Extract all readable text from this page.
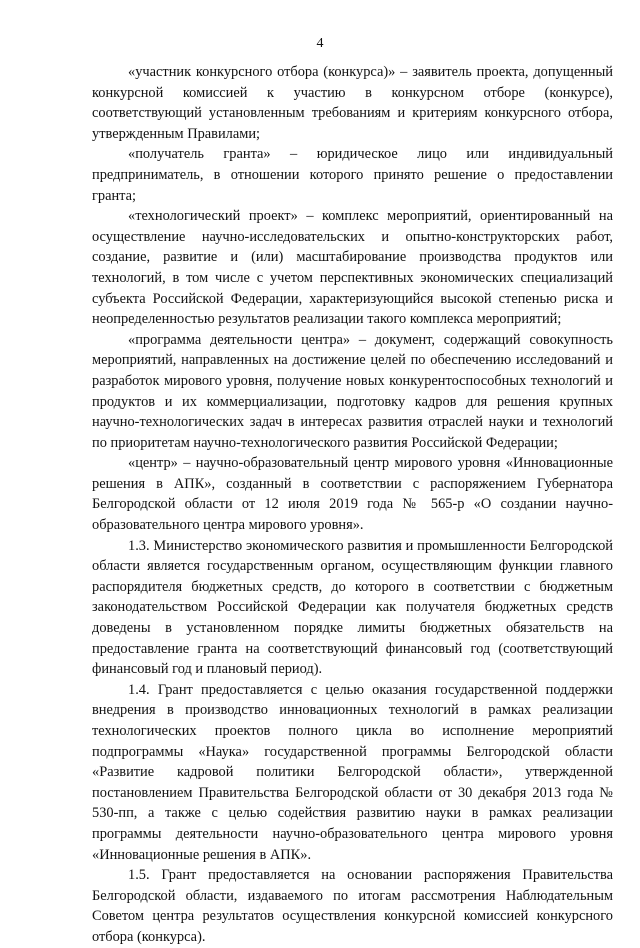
4

«участник конкурсного отбора (конкурса)» – заявитель проекта, допущенный конкурсной комиссией к участию в конкурсном отборе (конкурсе), соответствующий установленным требованиям и критериям конкурсного отбора, утвержденным Правилами;

«получатель гранта» – юридическое лицо или индивидуальный предприниматель, в отношении которого принято решение о предоставлении гранта;

«технологический проект» – комплекс мероприятий, ориентированный на осуществление научно-исследовательских и опытно-конструкторских работ, создание, развитие и (или) масштабирование производства продуктов или технологий, в том числе с учетом перспективных экономических специализаций субъекта Российской Федерации, характеризующийся высокой степенью риска и неопределенностью результатов реализации такого комплекса мероприятий;

«программа деятельности центра» – документ, содержащий совокупность мероприятий, направленных на достижение целей по обеспечению исследований и разработок мирового уровня, получение новых конкурентоспособных технологий и продуктов и их коммерциализации, подготовку кадров для решения крупных научно-технологических задач в интересах развития отраслей науки и технологий по приоритетам научно-технологического развития Российской Федерации;

«центр» – научно-образовательный центр мирового уровня «Инновационные решения в АПК», созданный в соответствии с распоряжением Губернатора Белгородской области от 12 июля 2019 года № 565-р «О создании научно-образовательного центра мирового уровня».

1.3. Министерство экономического развития и промышленности Белгородской области является государственным органом, осуществляющим функции главного распорядителя бюджетных средств, до которого в соответствии с бюджетным законодательством Российской Федерации как получателя бюджетных средств доведены в установленном порядке лимиты бюджетных обязательств на предоставление гранта на соответствующий финансовый год (соответствующий финансовый год и плановый период).

1.4. Грант предоставляется с целью оказания государственной поддержки внедрения в производство инновационных технологий в рамках реализации технологических проектов полного цикла во исполнение мероприятий подпрограммы «Наука» государственной программы Белгородской области «Развитие кадровой политики Белгородской области», утвержденной постановлением Правительства Белгородской области от 30 декабря 2013 года № 530-пп, а также с целью содействия развитию науки в рамках реализации программы деятельности научно-образовательного центра мирового уровня «Инновационные решения в АПК».

1.5. Грант предоставляется на основании распоряжения Правительства Белгородской области, издаваемого по итогам рассмотрения Наблюдательным Советом центра результатов осуществления конкурсной комиссией конкурсного отбора (конкурса).
